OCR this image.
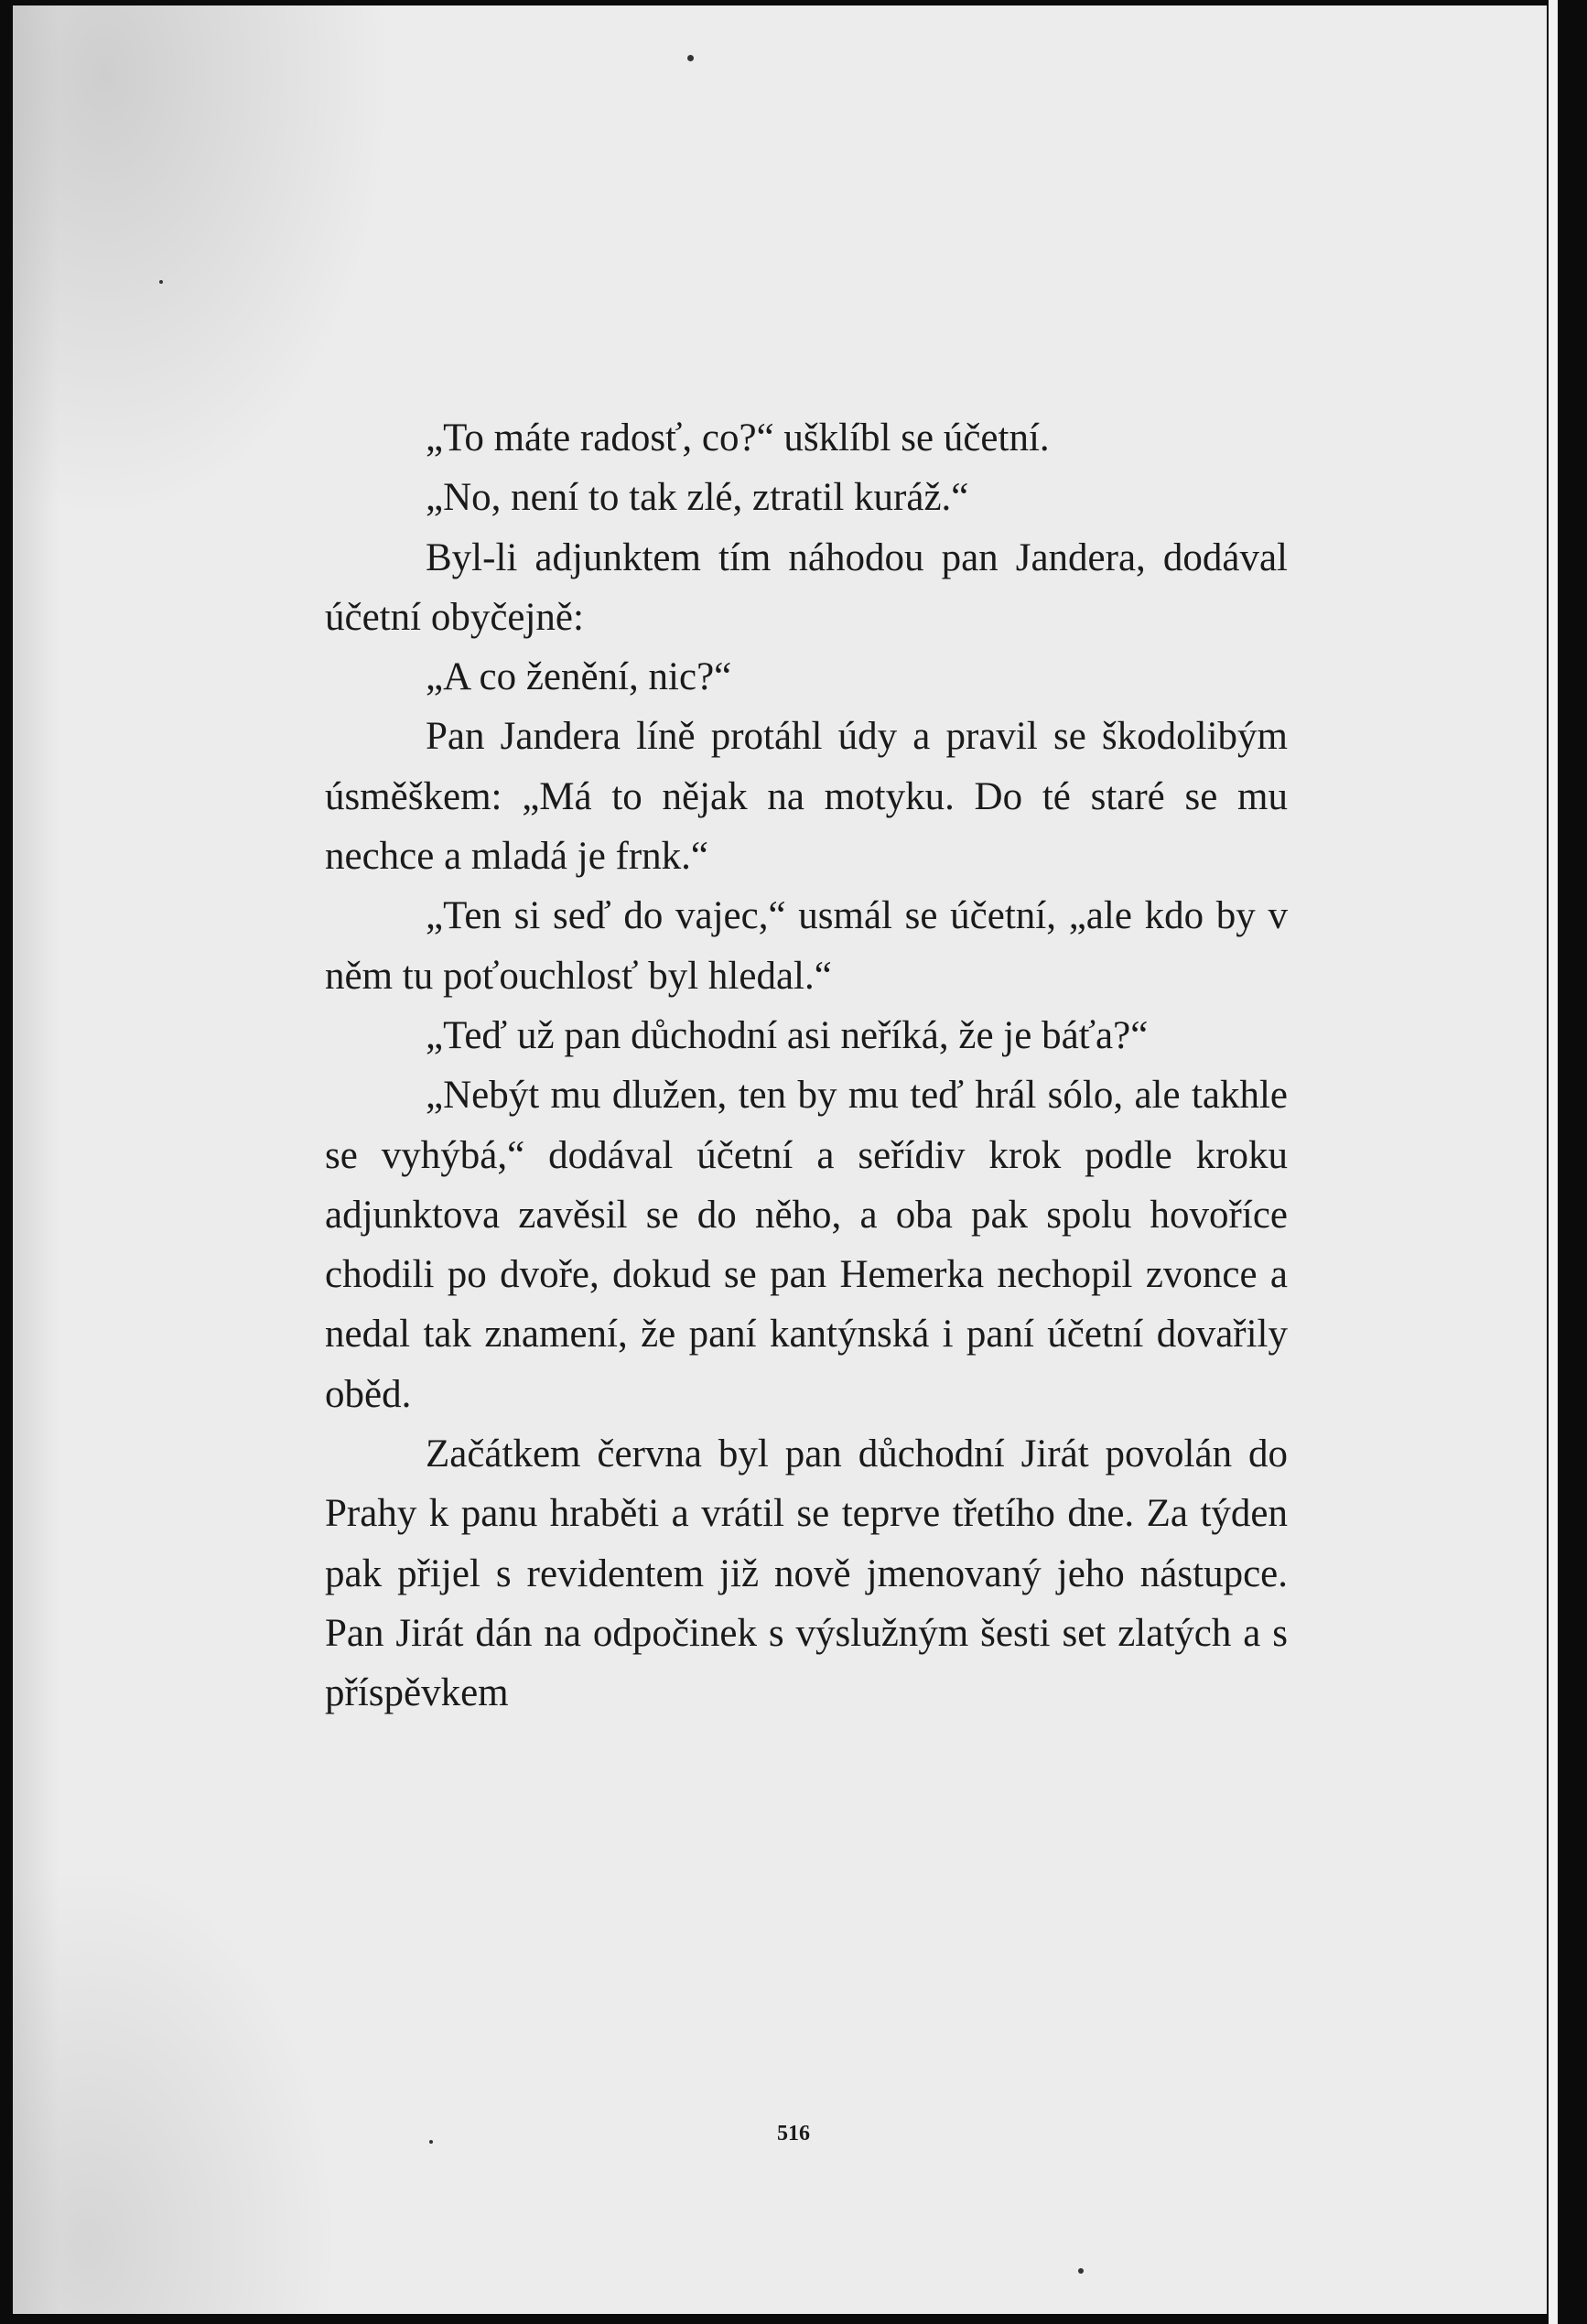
„To máte radosť, co?“ ušklíbl se účetní.

„No, není to tak zlé, ztratil kuráž.“

Byl-li adjunktem tím náhodou pan Jandera, dodával účetní obyčejně:

„A co ženění, nic?“

Pan Jandera líně protáhl údy a pravil se škodolibým úsměškem: „Má to nějak na motyku. Do té staré se mu nechce a mladá je frnk.“

„Ten si seď do vajec,“ usmál se účetní, „ale kdo by v něm tu poťouchlosť byl hledal.“

„Teď už pan důchodní asi neříká, že je báťa?“

„Nebýt mu dlužen, ten by mu teď hrál sólo, ale takhle se vyhýbá,“ dodával účetní a seřídiv krok podle kroku adjunktova zavěsil se do něho, a oba pak spolu hovoříce chodili po dvoře, dokud se pan Hemerka nechopil zvonce a nedal tak znamení, že paní kantýnská i paní účetní dovařily oběd.

Začátkem června byl pan důchodní Jirát povolán do Prahy k panu hraběti a vrátil se teprve třetího dne. Za týden pak přijel s revidentem již nově jmenovaný jeho nástupce. Pan Jirát dán na odpočinek s výslužným šesti set zlatých a s příspěvkem

516
